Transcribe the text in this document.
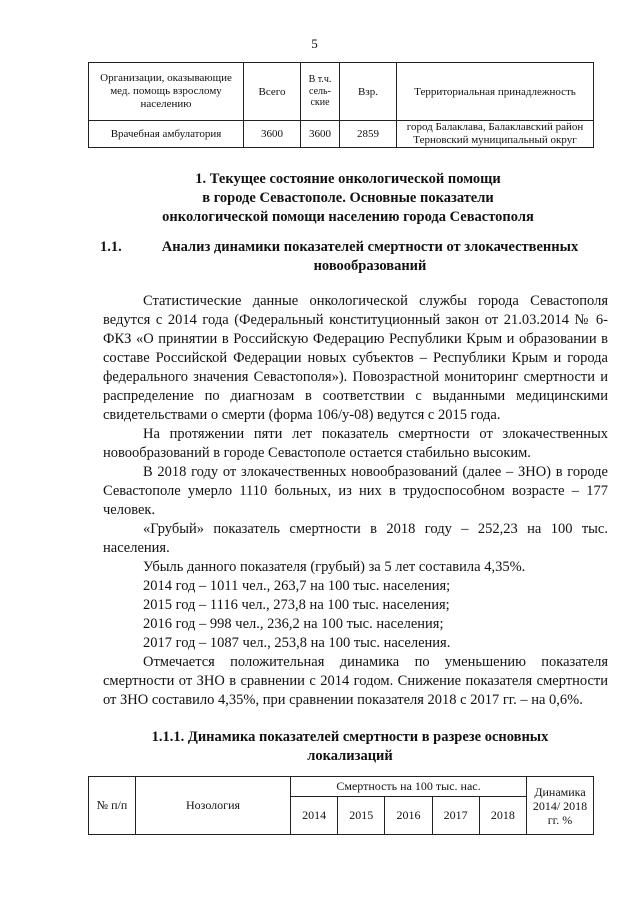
5
Организации, оказывающие мед. помощь взрослому населению	Всего	В т.ч. сель-ские	Взр.	Территориальная принадлежность
Врачебная амбулатория	3600	3600	2859	город Балаклава, Балаклавский район
Терновский муниципальный округ
1. Текущее состояние онкологической помощи
в городе Севастополе. Основные показатели
онкологической помощи населению города Севастополя
1.1.	Анализ динамики показателей смертности от злокачественных
новообразований

Статистические данные онкологической службы города Севастополя ведутся с 2014 года (Федеральный конституционный закон от 21.03.2014 № 6-ФКЗ «О принятии в Российскую Федерацию Республики Крым и образовании в составе Российской Федерации новых субъектов – Республики Крым и города федерального значения Севастополя»). Повозрастной мониторинг смертности и распределение по диагнозам в соответствии с выданными медицинскими свидетельствами о смерти (форма 106/у-08) ведутся с 2015 года.

На протяжении пяти лет показатель смертности от злокачественных новообразований в городе Севастополе остается стабильно высоким.

В 2018 году от злокачественных новообразований (далее – ЗНО) в городе Севастополе умерло 1110 больных, из них в трудоспособном возрасте – 177 человек.

«Грубый» показатель смертности в 2018 году – 252,23 на 100 тыс. населения.

Убыль данного показателя (грубый) за 5 лет составила 4,35%.

2014 год – 1011 чел., 263,7 на 100 тыс. населения;

2015 год – 1116 чел., 273,8 на 100 тыс. населения;

2016 год – 998 чел., 236,2 на 100 тыс. населения;

2017 год – 1087 чел., 253,8 на 100 тыс. населения.

Отмечается положительная динамика по уменьшению показателя смертности от ЗНО в сравнении с 2014 годом. Снижение показателя смертности от ЗНО составило 4,35%, при сравнении показателя 2018 с 2017 гг. – на 0,6%.

1.1.1. Динамика показателей смертности в разрезе основных
локализаций
№ п/п	Нозология	Смертность на 100 тыс. нас.					Динамика 2014/ 2018 гг. %
		2014	2015	2016	2017	2018	
